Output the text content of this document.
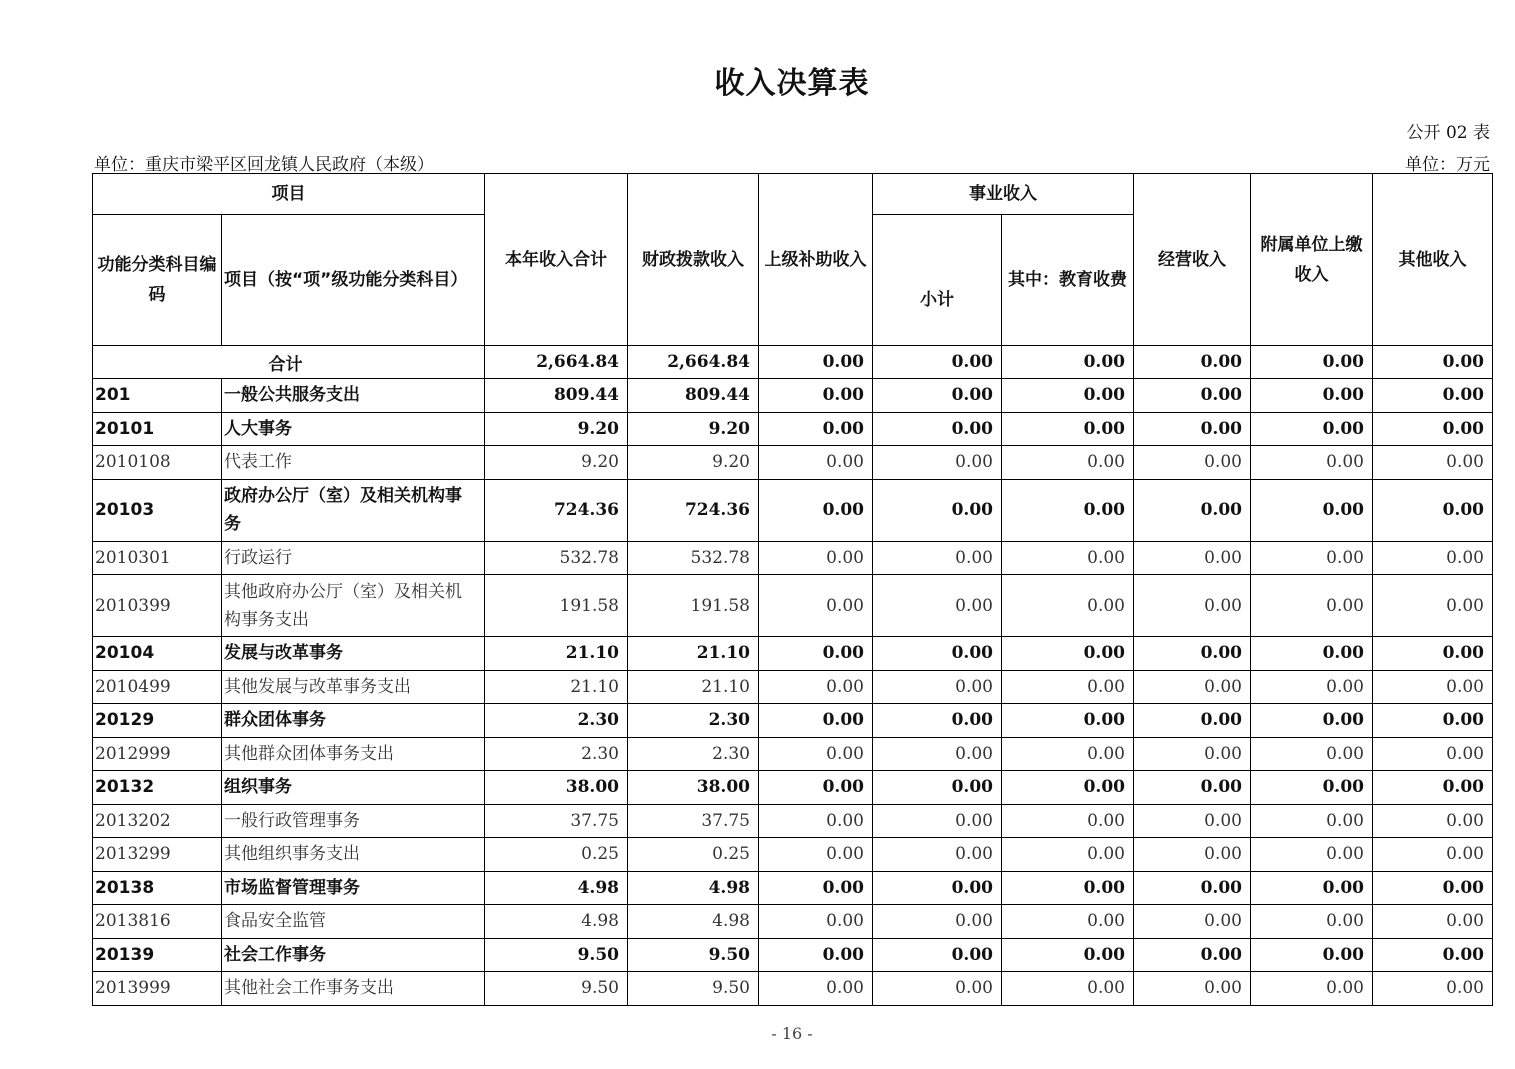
收入决算表
公开 02 表
单位：重庆市梁平区回龙镇人民政府（本级）	单位：万元
项目		本年收入合计	财政拨款收入	上级补助收入	事业收入		经营收入	附属单位上缴收入	其他收入
功能分类科目编码	项目（按“项”级功能分类科目）				小计	其中：教育收费			
合计		2,664.84	2,664.84	0.00	0.00	0.00	0.00	0.00	0.00
201	一般公共服务支出	809.44	809.44	0.00	0.00	0.00	0.00	0.00	0.00
20101	人大事务	9.20	9.20	0.00	0.00	0.00	0.00	0.00	0.00
2010108	代表工作	9.20	9.20	0.00	0.00	0.00	0.00	0.00	0.00
20103	政府办公厅（室）及相关机构事务	724.36	724.36	0.00	0.00	0.00	0.00	0.00	0.00
2010301	行政运行	532.78	532.78	0.00	0.00	0.00	0.00	0.00	0.00
2010399	其他政府办公厅（室）及相关机构事务支出	191.58	191.58	0.00	0.00	0.00	0.00	0.00	0.00
20104	发展与改革事务	21.10	21.10	0.00	0.00	0.00	0.00	0.00	0.00
2010499	其他发展与改革事务支出	21.10	21.10	0.00	0.00	0.00	0.00	0.00	0.00
20129	群众团体事务	2.30	2.30	0.00	0.00	0.00	0.00	0.00	0.00
2012999	其他群众团体事务支出	2.30	2.30	0.00	0.00	0.00	0.00	0.00	0.00
20132	组织事务	38.00	38.00	0.00	0.00	0.00	0.00	0.00	0.00
2013202	一般行政管理事务	37.75	37.75	0.00	0.00	0.00	0.00	0.00	0.00
2013299	其他组织事务支出	0.25	0.25	0.00	0.00	0.00	0.00	0.00	0.00
20138	市场监督管理事务	4.98	4.98	0.00	0.00	0.00	0.00	0.00	0.00
2013816	食品安全监管	4.98	4.98	0.00	0.00	0.00	0.00	0.00	0.00
20139	社会工作事务	9.50	9.50	0.00	0.00	0.00	0.00	0.00	0.00
2013999	其他社会工作事务支出	9.50	9.50	0.00	0.00	0.00	0.00	0.00	0.00
- 16 -
